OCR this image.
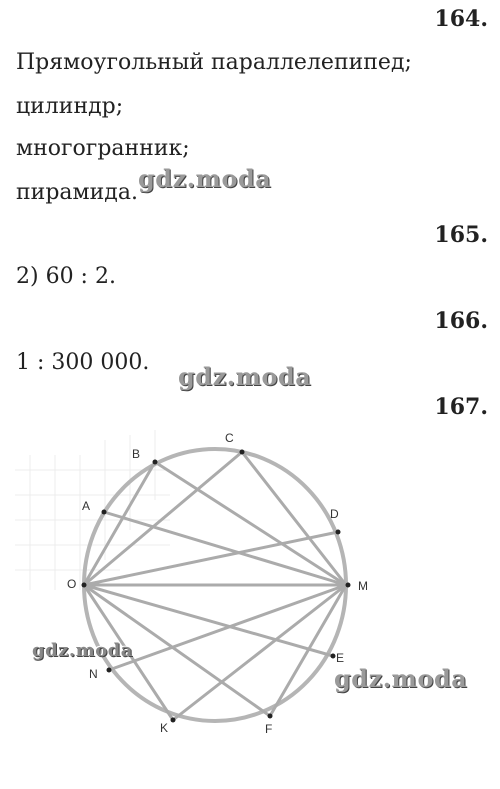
164.
Прямоугольный параллелепипед;
цилиндр;
многогранник;
пирамида. gdz.moda
165.
2) 60 : 2.
166.
1 : 300 000. gdz.moda
167.
A
B
C
D
M
E
F
K
N
O
gdz.moda
gdz.moda
